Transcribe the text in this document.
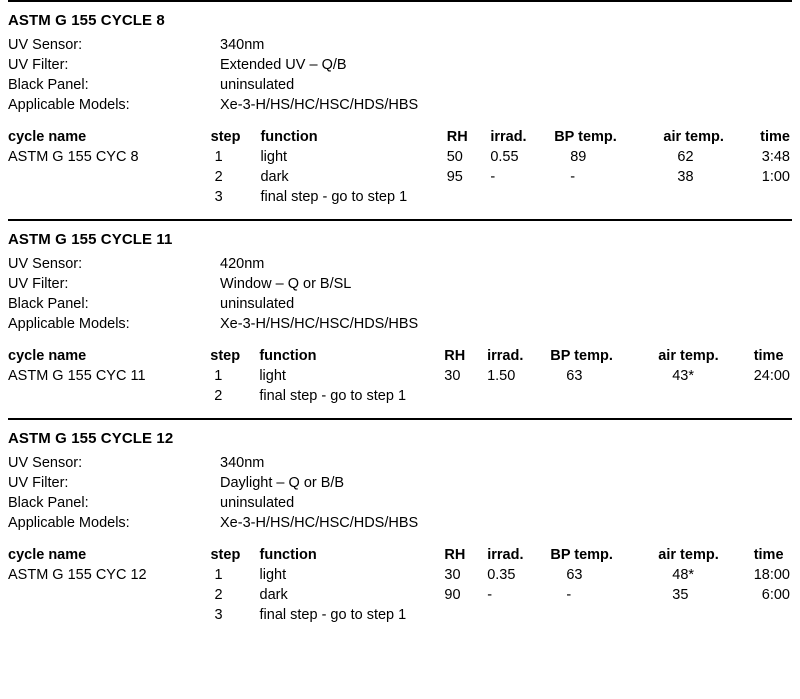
ASTM G 155 CYCLE 8
UV Sensor:	340nm
UV Filter:	Extended UV – Q/B
Black Panel:	uninsulated
Applicable Models:	Xe-3-H/HS/HC/HSC/HDS/HBS
cycle name	step	function	RH	irrad.	BP temp.	air temp.	time
ASTM G 155 CYC 8	1	light	50	0.55	89	62	3:48
	2	dark	95	-	-	38	1:00
	3	final step - go to step 1					
ASTM G 155 CYCLE 11
UV Sensor:	420nm
UV Filter:	Window – Q or B/SL
Black Panel:	uninsulated
Applicable Models:	Xe-3-H/HS/HC/HSC/HDS/HBS
cycle name	step	function	RH	irrad.	BP temp.	air temp.	time
ASTM G 155 CYC 11	1	light	30	1.50	63	43*	24:00
	2	final step - go to step 1					
ASTM G 155 CYCLE 12
UV Sensor:	340nm
UV Filter:	Daylight – Q or B/B
Black Panel:	uninsulated
Applicable Models:	Xe-3-H/HS/HC/HSC/HDS/HBS
cycle name	step	function	RH	irrad.	BP temp.	air temp.	time
ASTM G 155 CYC 12	1	light	30	0.35	63	48*	18:00
	2	dark	90	-	-	35	6:00
	3	final step - go to step 1					
